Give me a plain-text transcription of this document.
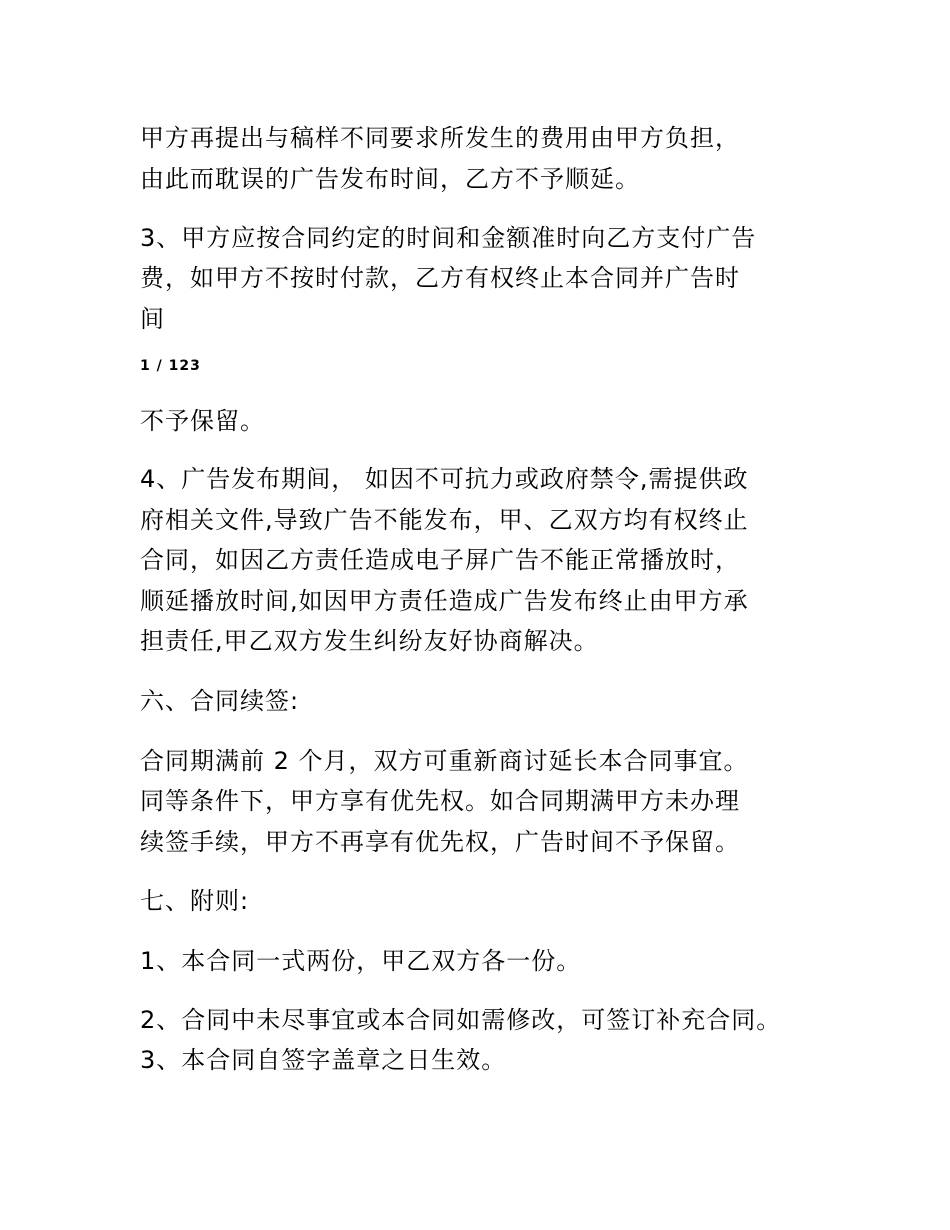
甲方再提出与稿样不同要求所发生的费用由甲方负担，
由此而耽误的广告发布时间，乙方不予顺延。
3、甲方应按合同约定的时间和金额准时向乙方支付广告
费，如甲方不按时付款，乙方有权终止本合同并广告时
间
1 / 123
不予保留。
4、广告发布期间， 如因不可抗力或政府禁令,需提供政
府相关文件,导致广告不能发布，甲、乙双方均有权终止
合同，如因乙方责任造成电子屏广告不能正常播放时，
顺延播放时间,如因甲方责任造成广告发布终止由甲方承
担责任,甲乙双方发生纠纷友好协商解决。
六、合同续签:
合同期满前 2 个月，双方可重新商讨延长本合同事宜。
同等条件下，甲方享有优先权。如合同期满甲方未办理
续签手续，甲方不再享有优先权，广告时间不予保留。
七、附则:
1、本合同一式两份，甲乙双方各一份。
2、合同中未尽事宜或本合同如需修改，可签订补充合同。
3、本合同自签字盖章之日生效。
